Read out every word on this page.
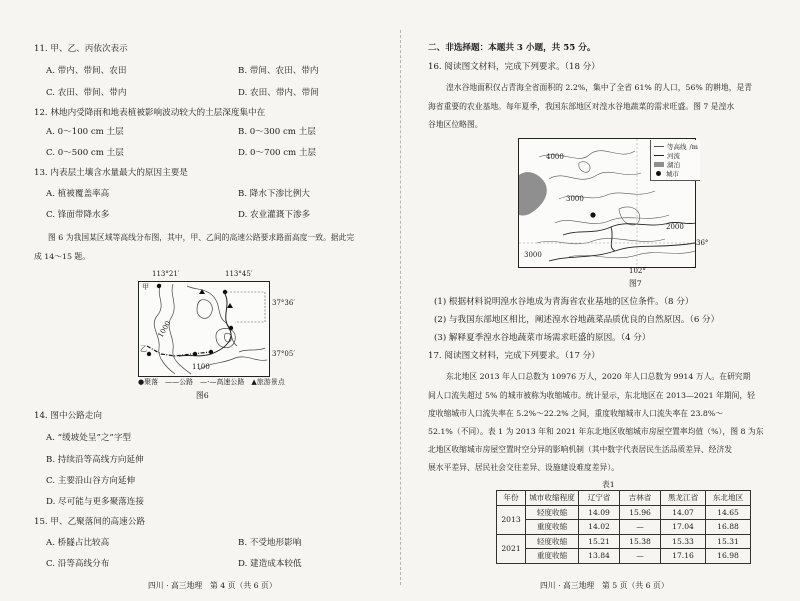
11. 甲、乙、丙依次表示
A. 带内、带间、农田	B. 带间、农田、带内
C. 农田、带间、带内	D. 农田、带内、带间
12. 林地内受降雨和地表植被影响波动较大的土层深度集中在
A. 0～100 cm 土层	B. 0～300 cm 土层
C. 0～500 cm 土层	D. 0～700 cm 土层
13. 内表层土壤含水量最大的原因主要是
A. 植被覆盖率高	B. 降水下渗比例大
C. 锋面带降水多	D. 农业灌溉下渗多
图 6 为我国某区域等高线分布图，其中，甲、乙间的高速公路要求路面高度一致。据此完
成 14～15 题。
113°21′	113°45′
甲
乙
1000
1100
37°36′
37°05′
●聚落　——公路　—·—高速公路　▲旅游景点
图6
14. 图中公路走向
A. “缓坡处呈”之”字型
B. 持续沿等高线方向延伸
C. 主要沿山谷方向延伸
D. 尽可能与更多聚落连接
15. 甲、乙聚落间的高速公路
A. 桥隧占比较高	B. 不受地形影响
C. 沿等高线分布	D. 建造成本较低
四川 · 高三地理　第 4 页（共 6 页）
二、非选择题：本题共 3 小题，共 55 分。
16. 阅读图文材料，完成下列要求。（18 分）
湟水谷地面积仅占青海全省面积的 2.2%，集中了全省 61% 的人口，56% 的耕地，是青
海省重要的农业基地。每年夏季，我国东部地区对湟水谷地蔬菜的需求旺盛。图 7 是湟水
谷地区位略图。
等高线 /m
河流
湖泊
城市
4000
3000
3000
2000
36°
102°
图7
(1) 根据材料说明湟水谷地成为青海省农业基地的区位条件。（8 分）
(2) 与我国东部地区相比，阐述湟水谷地蔬菜品质优良的自然原因。（6 分）
(3) 解释夏季湟水谷地蔬菜市场需求旺盛的原因。（4 分）
17. 阅读图文材料，完成下列要求。（17 分）
东北地区 2013 年人口总数为 10976 万人，2020 年人口总数为 9914 万人。在研究期
间人口流失超过 5% 的城市被称为收缩城市。统计显示，东北地区在 2013—2021 年期间，轻
度收缩城市人口流失率在 5.2%～22.2% 之间，重度收缩城市人口流失率在 23.8%～
52.1%（不同）。表 1 为 2013 年和 2021 年东北地区收缩城市房屋空置率均值（%），图 8 为东
北地区收缩城市房屋空置时空分异的影响机制（其中数字代表居民生活品质差异、经济发
展水平差异、居民社会交往差异、设施建设难度差异）。
表1
年份	城市收缩程度	辽宁省	吉林省	黑龙江省	东北地区
2013	轻度收缩	14.09	15.96	14.07	14.65
	重度收缩	14.02	—	17.04	16.88
2021	轻度收缩	15.21	15.38	15.33	15.31
	重度收缩	13.84	—	17.16	16.98
四川 · 高三地理　第 5 页（共 6 页）
